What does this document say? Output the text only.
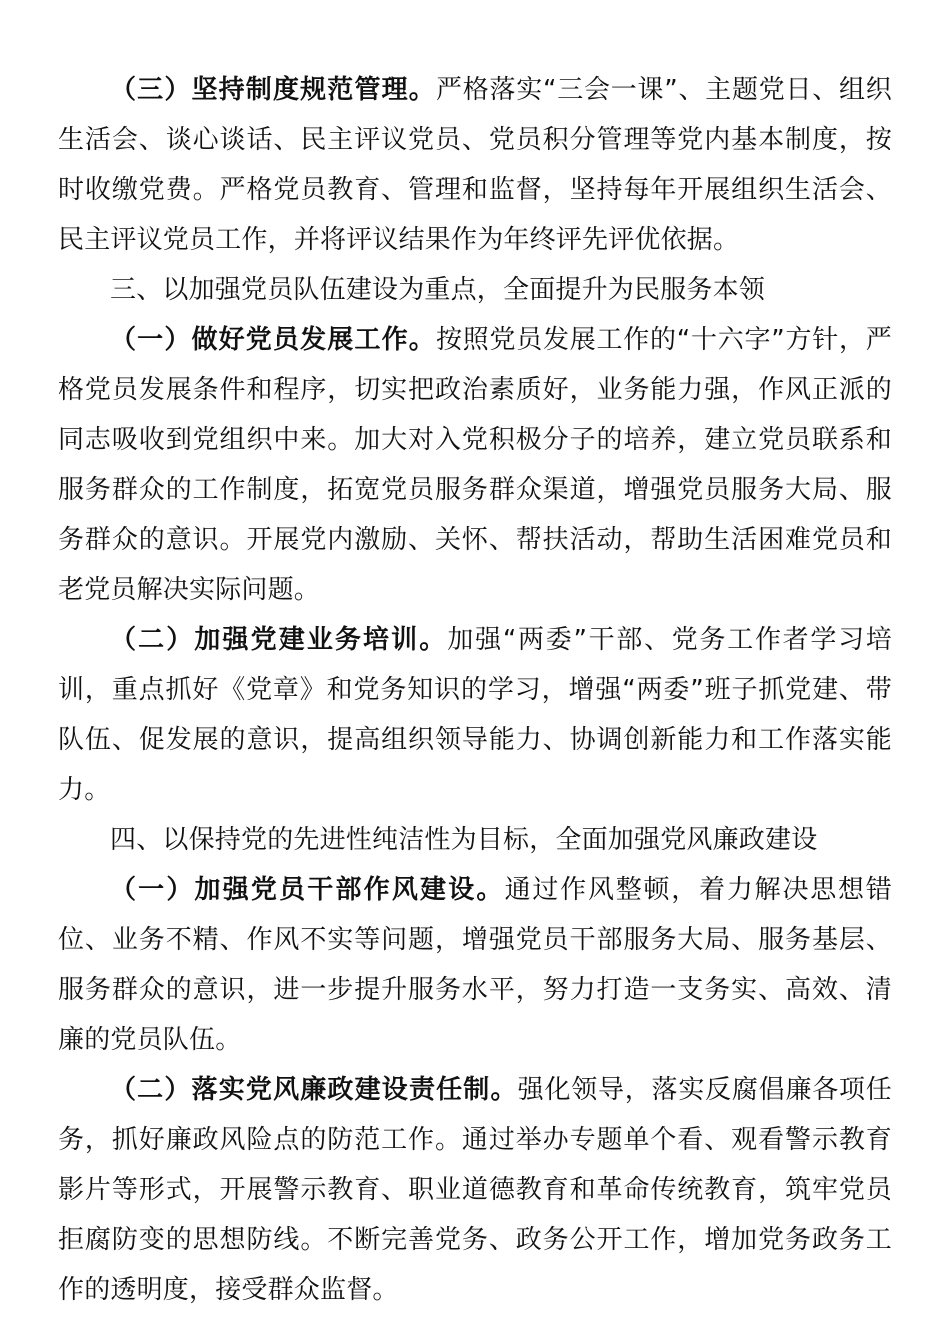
（三）坚持制度规范管理。严格落实“三会一课”、主题党日、组织生活会、谈心谈话、民主评议党员、党员积分管理等党内基本制度，按时收缴党费。严格党员教育、管理和监督，坚持每年开展组织生活会、民主评议党员工作，并将评议结果作为年终评先评优依据。

三、以加强党员队伍建设为重点，全面提升为民服务本领

（一）做好党员发展工作。按照党员发展工作的“十六字”方针，严格党员发展条件和程序，切实把政治素质好，业务能力强，作风正派的同志吸收到党组织中来。加大对入党积极分子的培养，建立党员联系和服务群众的工作制度，拓宽党员服务群众渠道，增强党员服务大局、服务群众的意识。开展党内激励、关怀、帮扶活动，帮助生活困难党员和老党员解决实际问题。

（二）加强党建业务培训。加强“两委”干部、党务工作者学习培训，重点抓好《党章》和党务知识的学习，增强“两委”班子抓党建、带队伍、促发展的意识，提高组织领导能力、协调创新能力和工作落实能力。

四、以保持党的先进性纯洁性为目标，全面加强党风廉政建设

（一）加强党员干部作风建设。通过作风整顿，着力解决思想错位、业务不精、作风不实等问题，增强党员干部服务大局、服务基层、服务群众的意识，进一步提升服务水平，努力打造一支务实、高效、清廉的党员队伍。

（二）落实党风廉政建设责任制。强化领导，落实反腐倡廉各项任务，抓好廉政风险点的防范工作。通过举办专题单个看、观看警示教育影片等形式，开展警示教育、职业道德教育和革命传统教育，筑牢党员拒腐防变的思想防线。不断完善党务、政务公开工作，增加党务政务工作的透明度，接受群众监督。
